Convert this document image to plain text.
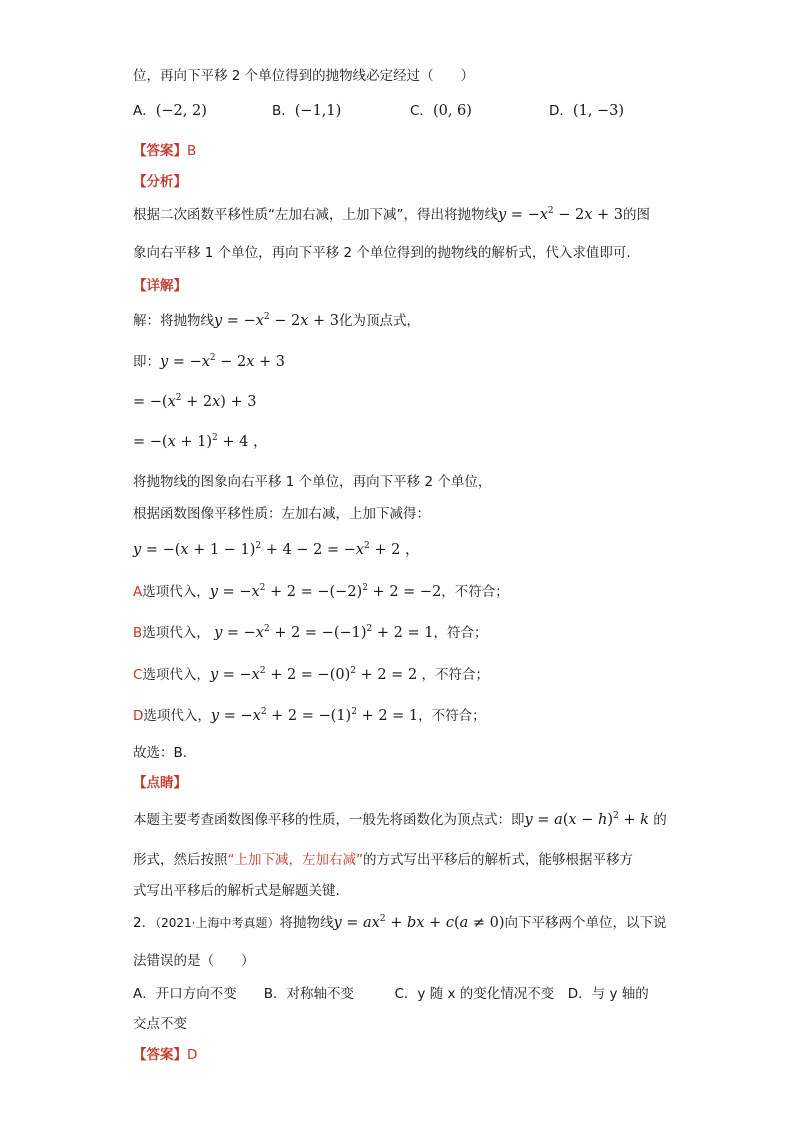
位，再向下平移 2 个单位得到的抛物线必定经过（　　）
A．(−2, 2)	B．(−1,1)	C．(0, 6)	D．(1, −3)
【答案】B
【分析】
根据二次函数平移性质“左加右减，上加下减”，得出将抛物线$y = -x^2 - 2x + 3$的图
象向右平移 1 个单位，再向下平移 2 个单位得到的抛物线的解析式，代入求值即可.
【详解】
解：将抛物线$y = -x^2 - 2x + 3$化为顶点式，
即：$y = -x^2 - 2x + 3$
= $-(x^2 + 2x) + 3$
= $-(x + 1)^2 + 4$ ，
将抛物线的图象向右平移 1 个单位，再向下平移 2 个单位，
根据函数图像平移性质：左加右减，上加下减得：
$y = -(x + 1 - 1)^2 + 4 - 2 = -x^2 + 2$ ，
A选项代入，$y = -x^2 + 2 = -(-2)^2 + 2 = -2$，不符合；
B选项代入， $y = -x^2 + 2 = -(-1)^2 + 2 = 1$，符合；
C选项代入，$y = -x^2 + 2 = -(0)^2 + 2 = 2$ ，不符合；
D选项代入，$y = -x^2 + 2 = -(1)^2 + 2 = 1$，不符合；
故选：B.
【点睛】
本题主要考查函数图像平移的性质，一般先将函数化为顶点式：即$y = a(x - h)^2 + k$ 的
形式，然后按照“上加下减，左加右减”的方式写出平移后的解析式，能够根据平移方
式写出平移后的解析式是解题关键.
2．（2021·上海中考真题）将抛物线$y = ax^2$ + bx + c(a ≠ 0)向下平移两个单位，以下说
法错误的是（　　）
A．开口方向不变　　B．对称轴不变　　　C．y 随 x 的变化情况不变　D．与 y 轴的
交点不变
【答案】D
